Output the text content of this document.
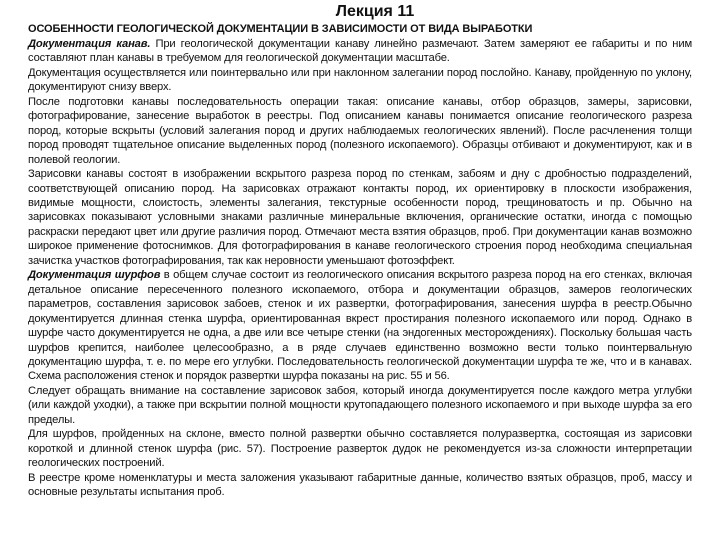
Лекция 11
ОСОБЕННОСТИ ГЕОЛОГИЧЕСКОЙ ДОКУМЕНТАЦИИ В ЗАВИСИМОСТИ ОТ ВИДА ВЫРАБОТКИ

Документация канав. При геологической документации канаву линейно размечают. Затем замеряют ее габариты и по ним составляют план канавы в требуемом для геологической документации масштабе.

Документация осуществляется или поинтервально или при наклонном залегании пород послойно. Канаву, пройденную по уклону, документируют снизу вверх.

После подготовки канавы последовательность операции такая: описание канавы, отбор образцов, замеры, зарисовки, фотографирование, занесение выработок в реестры. Под описанием канавы понимается описание геологического разреза пород, которые вскрыты (условий залегания пород и других наблюдаемых геологических явлений). После расчленения толщи пород проводят тщательное описание выделенных пород (полезного ископаемого). Образцы отбивают и документируют, как и в полевой геологии.

Зарисовки канавы состоят в изображении вскрытого разреза пород по стенкам, забоям и дну с дробностью подразделений, соответствующей описанию пород. На зарисовках отражают контакты пород, их ориентировку в плоскости изображения, видимые мощности, слоистость, элементы залегания, текстурные особенности пород, трещиноватость и пр. Обычно на зарисовках показывают условными знаками различные минеральные включения, органические остатки, иногда с помощью раскраски передают цвет или другие различия пород. Отмечают места взятия образцов, проб. При документации канав возможно широкое применение фотоснимков. Для фотографирования в канаве геологического строения пород необходима специальная зачистка участков фотографирования, так как неровности уменьшают фотоэффект.

Документация шурфов в общем случае состоит из геологического описания вскрытого разреза пород на его стенках, включая детальное описание пересеченного полезного ископаемого, отбора и документации образцов, замеров геологических параметров, составления зарисовок забоев, стенок и их развертки, фотографирования, занесения шурфа в реестр.Обычно документируется длинная стенка шурфа, ориентированная вкрест простирания полезного ископаемого или пород. Однако в шурфе часто документируется не одна, а две или все четыре стенки (на эндогенных месторождениях). Поскольку большая часть шурфов крепится, наиболее целесообразно, а в ряде случаев единственно возможно вести только поинтервальную документацию шурфа, т. е. по мере его углубки. Последовательность геологической документации шурфа те же, что и в канавах. Схема расположения стенок и порядок развертки шурфа показаны на рис. 55 и 56.

Следует обращать внимание на составление зарисовок забоя, который иногда документируется после каждого метра углубки (или каждой уходки), а также при вскрытии полной мощности крутопадающего полезного ископаемого и при выходе шурфа за его пределы.

Для шурфов, пройденных на склоне, вместо полной развертки обычно составляется полуразвертка, состоящая из зарисовки короткой и длинной стенок шурфа (рис. 57). Построение разверток дудок не рекомендуется из-за сложности интерпретации геологических построений.

В реестре кроме номенклатуры и места заложения указывают габаритные данные, количество взятых образцов, проб, массу и основные результаты испытания проб.
